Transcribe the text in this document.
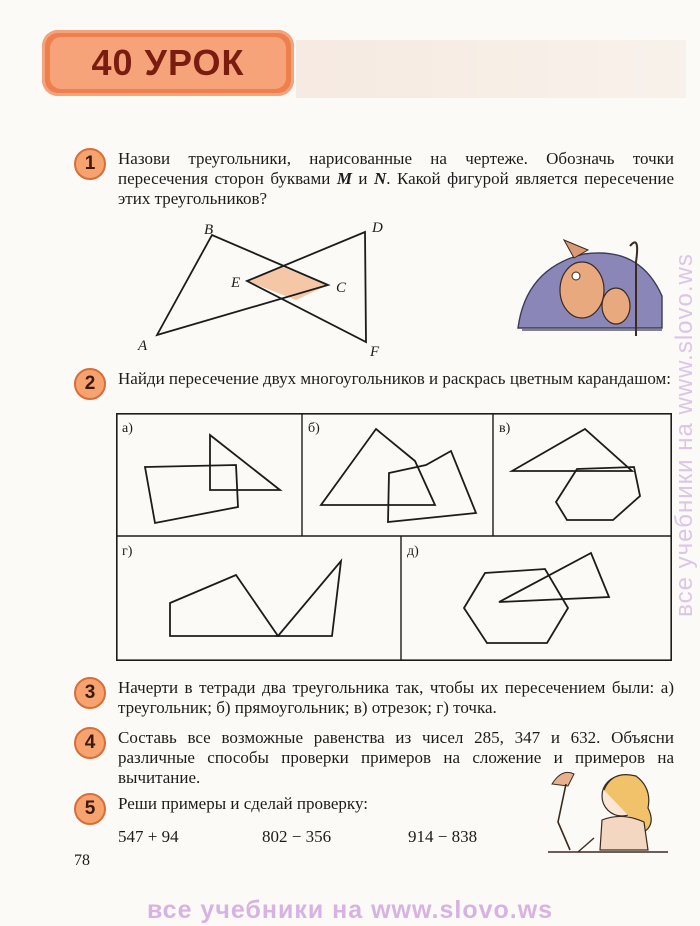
40 УРОК
1	Назови треугольники, нарисованные на чертеже. Обозначь точки пересечения сторон буквами M и N. Какой фигурой является пересечение этих треугольников?
B	D
E	C
A	F
2	Найди пересечение двух многоугольников и раскрась цветным карандашом:
а)	б)	в)
г)	д)
3	Начерти в тетради два треугольника так, чтобы их пересечением были: а) треугольник; б) прямоугольник; в) отрезок; г) точка.
4	Составь все возможные равенства из чисел 285, 347 и 632. Объясни различные способы проверки примеров на сложение и примеров на вычитание.
5	Реши примеры и сделай проверку:
547 + 94	802 − 356	914 − 838
78
все учебники на www.slovo.ws
все учебники на www.slovo.ws
